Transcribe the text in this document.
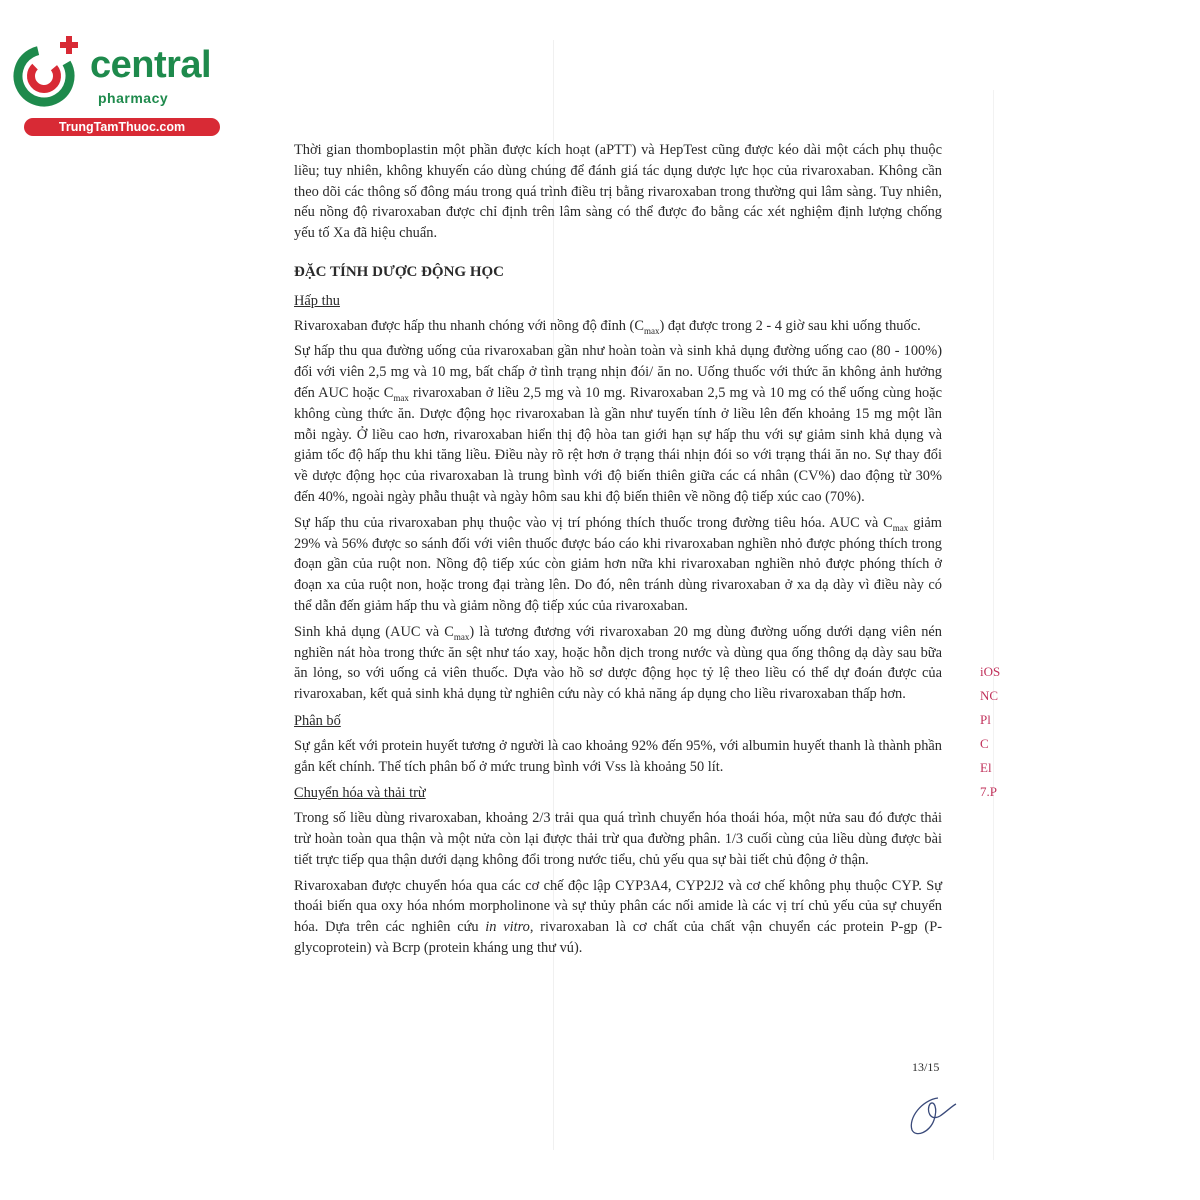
central
pharmacy
TrungTamThuoc.com

Thời gian thomboplastin một phần được kích hoạt (aPTT) và HepTest cũng được kéo dài một cách phụ thuộc liều; tuy nhiên, không khuyến cáo dùng chúng để đánh giá tác dụng dược lực học của rivaroxaban. Không cần theo dõi các thông số đông máu trong quá trình điều trị bằng rivaroxaban trong thường qui lâm sàng. Tuy nhiên, nếu nồng độ rivaroxaban được chỉ định trên lâm sàng có thể được đo bằng các xét nghiệm định lượng chống yếu tố Xa đã hiệu chuẩn.

ĐẶC TÍNH DƯỢC ĐỘNG HỌC

Hấp thu

Rivaroxaban được hấp thu nhanh chóng với nồng độ đỉnh $(C_{max})$ đạt được trong 2 - 4 giờ sau khi uống thuốc.

Sự hấp thu qua đường uống của rivaroxaban gần như hoàn toàn và sinh khả dụng đường uống cao (80 - 100%) đối với viên 2,5 mg và 10 mg, bất chấp ở tình trạng nhịn đói/ ăn no. Uống thuốc với thức ăn không ảnh hưởng đến AUC hoặc $C_{max}$ rivaroxaban ở liều 2,5 mg và 10 mg. Rivaroxaban 2,5 mg và 10 mg có thể uống cùng hoặc không cùng thức ăn. Dược động học rivaroxaban là gần như tuyến tính ở liều lên đến khoảng 15 mg một lần mỗi ngày. Ở liều cao hơn, rivaroxaban hiển thị độ hòa tan giới hạn sự hấp thu với sự giảm sinh khả dụng và giảm tốc độ hấp thu khi tăng liều. Điều này rõ rệt hơn ở trạng thái nhịn đói so với trạng thái ăn no. Sự thay đổi về dược động học của rivaroxaban là trung bình với độ biến thiên giữa các cá nhân (CV%) dao động từ 30% đến 40%, ngoài ngày phẫu thuật và ngày hôm sau khi độ biến thiên về nồng độ tiếp xúc cao (70%).

Sự hấp thu của rivaroxaban phụ thuộc vào vị trí phóng thích thuốc trong đường tiêu hóa. AUC và $C_{max}$ giảm 29% và 56% được so sánh đối với viên thuốc được báo cáo khi rivaroxaban nghiền nhỏ được phóng thích trong đoạn gần của ruột non. Nồng độ tiếp xúc còn giảm hơn nữa khi rivaroxaban nghiền nhỏ được phóng thích ở đoạn xa của ruột non, hoặc trong đại tràng lên. Do đó, nên tránh dùng rivaroxaban ở xa dạ dày vì điều này có thể dẫn đến giảm hấp thu và giảm nồng độ tiếp xúc của rivaroxaban.

Sinh khả dụng (AUC và $C_{max}$) là tương đương với rivaroxaban 20 mg dùng đường uống dưới dạng viên nén nghiền nát hòa trong thức ăn sệt như táo xay, hoặc hỗn dịch trong nước và dùng qua ống thông dạ dày sau bữa ăn lỏng, so với uống cả viên thuốc. Dựa vào hồ sơ dược động học tỷ lệ theo liều có thể dự đoán được của rivaroxaban, kết quả sinh khả dụng từ nghiên cứu này có khả năng áp dụng cho liều rivaroxaban thấp hơn.

Phân bố

Sự gắn kết với protein huyết tương ở người là cao khoảng 92% đến 95%, với albumin huyết thanh là thành phần gắn kết chính. Thể tích phân bố ở mức trung bình với Vss là khoảng 50 lít.

Chuyển hóa và thải trừ

Trong số liều dùng rivaroxaban, khoảng 2/3 trải qua quá trình chuyển hóa thoái hóa, một nửa sau đó được thải trừ hoàn toàn qua thận và một nửa còn lại được thải trừ qua đường phân. 1/3 cuối cùng của liều dùng được bài tiết trực tiếp qua thận dưới dạng không đổi trong nước tiểu, chủ yếu qua sự bài tiết chủ động ở thận.

Rivaroxaban được chuyển hóa qua các cơ chế độc lập CYP3A4, CYP2J2 và cơ chế không phụ thuộc CYP. Sự thoái biến qua oxy hóa nhóm morpholinone và sự thủy phân các nối amide là các vị trí chủ yếu của sự chuyển hóa. Dựa trên các nghiên cứu in vitro, rivaroxaban là cơ chất của chất vận chuyển các protein P-gp (P-glycoprotein) và Bcrp (protein kháng ung thư vú).

13/15
iOS
NC
Pl
C
El
7.P
